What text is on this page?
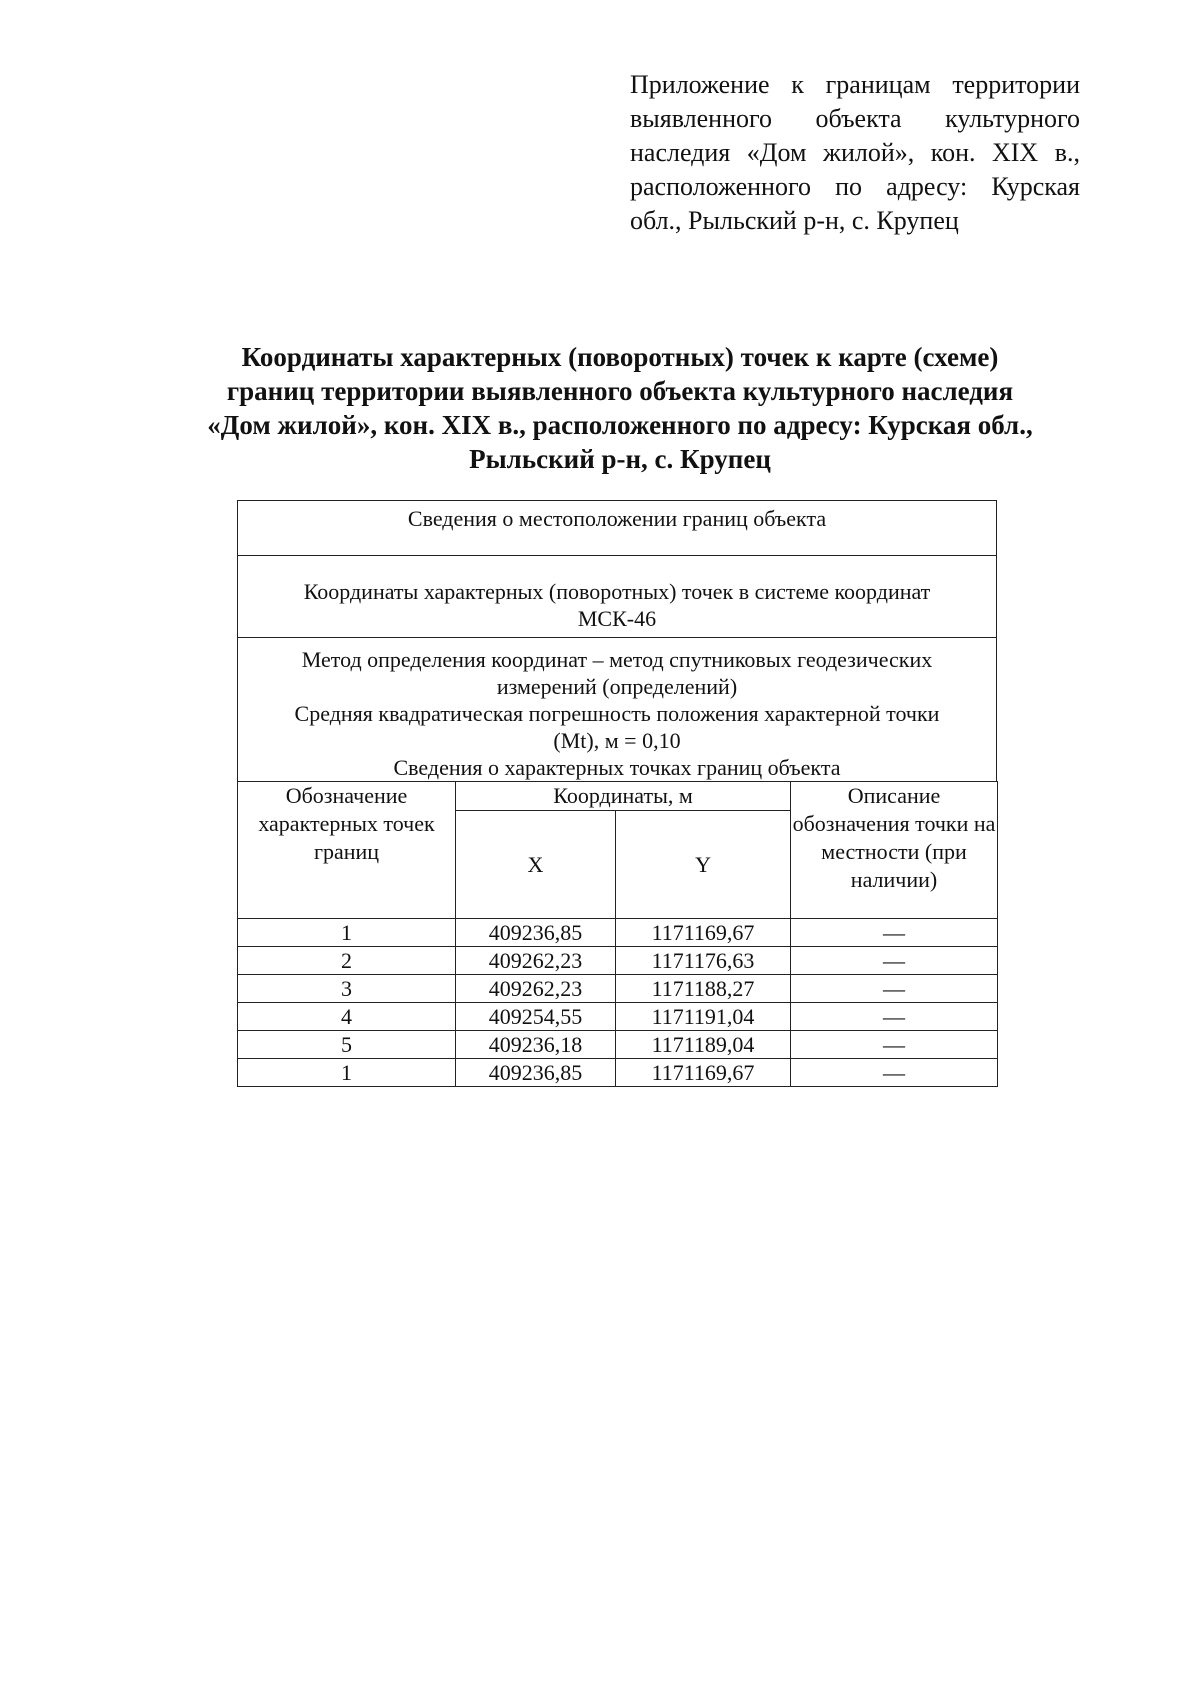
Приложение к границам территории
выявленного объекта культурного
наследия «Дом жилой», кон. XIX в.,
расположенного по адресу: Курская
обл., Рыльский р-н, с. Крупец
Координаты характерных (поворотных) точек к карте (схеме)
границ территории выявленного объекта культурного наследия
«Дом жилой», кон. XIX в., расположенного по адресу: Курская обл.,
Рыльский р-н, с. Крупец
Сведения о местоположении границ объекта
Координаты характерных (поворотных) точек в системе координат
МСК-46
Метод определения координат – метод спутниковых геодезических
измерений (определений)
Средняя квадратическая погрешность положения характерной точки
(Mt), м = 0,10
Сведения о характерных точках границ объекта
Обозначение характерных точек границ	Координаты, м		Описание обозначения точки на местности (при наличии)
	X	Y	
1	409236,85	1171169,67	—
2	409262,23	1171176,63	—
3	409262,23	1171188,27	—
4	409254,55	1171191,04	—
5	409236,18	1171189,04	—
1	409236,85	1171169,67	—
